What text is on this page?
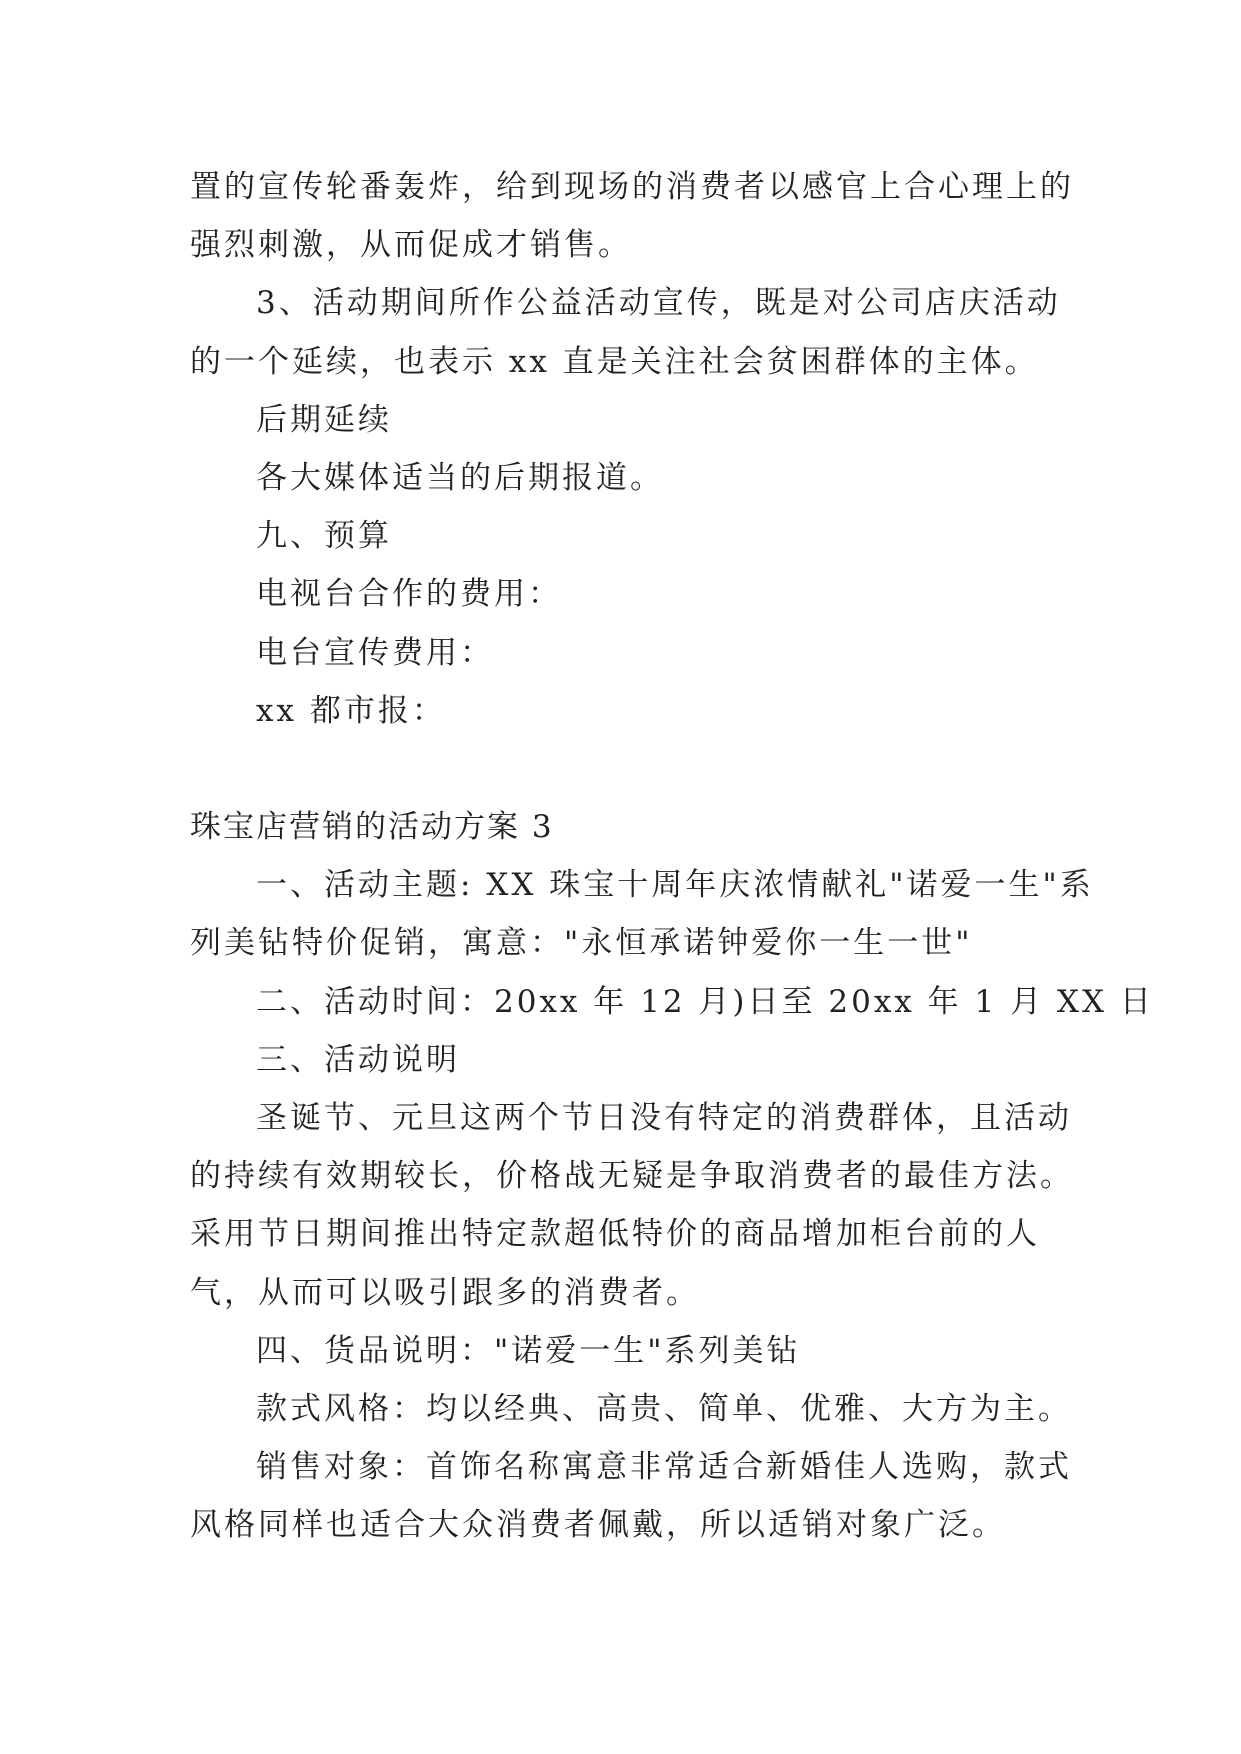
置的宣传轮番轰炸，给到现场的消费者以感官上合心理上的

强烈刺激，从而促成才销售。

3、活动期间所作公益活动宣传，既是对公司店庆活动

的一个延续，也表示 xx 直是关注社会贫困群体的主体。

后期延续

各大媒体适当的后期报道。

九、预算

电视台合作的费用：

电台宣传费用：

xx 都市报：

珠宝店营销的活动方案 3

一、活动主题: XX 珠宝十周年庆浓情献礼"诺爱一生"系

列美钻特价促销，寓意："永恒承诺钟爱你一生一世"

二、活动时间：20xx 年 12 月)日至 20xx 年 1 月 XX 日

三、活动说明

圣诞节、元旦这两个节日没有特定的消费群体，且活动

的持续有效期较长，价格战无疑是争取消费者的最佳方法。

采用节日期间推出特定款超低特价的商品增加柜台前的人

气，从而可以吸引跟多的消费者。

四、货品说明："诺爱一生"系列美钻

款式风格：均以经典、高贵、简单、优雅、大方为主。

销售对象：首饰名称寓意非常适合新婚佳人选购，款式

风格同样也适合大众消费者佩戴，所以适销对象广泛。
